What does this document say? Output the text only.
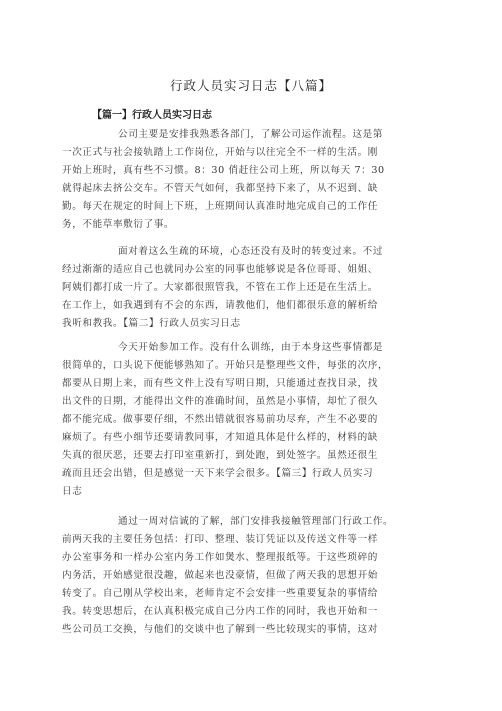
行政人员实习日志【八篇】
【篇一】行政人员实习日志
公司主要是安排我熟悉各部门，了解公司运作流程。这是第
一次正式与社会接轨踏上工作岗位，开始与以往完全不一样的生活。刚
开始上班时，真有些不习惯。8：30 俏赶往公司上班，所以每天 7：30
就得起床去挤公交车。不管天气如何，我都坚持下来了，从不迟到、缺
勤。每天在规定的时间上下班，上班期间认真准时地完成自己的工作任
务，不能草率敷衍了事。
面对着这么生疏的环境，心态还没有及时的转变过来。不过
经过渐渐的适应自己也就同办公室的同事也能够说是各位哥哥、姐姐、
阿姨们都打成一片了。大家都很照管我，不管在工作上还是在生活上。
在工作上，如我遇到有不会的东西，请教他们，他们都很乐意的解析给
我听和教我。【篇二】行政人员实习日志
今天开始参加工作。没有什么训练，由于本身这些事情都是
很简单的，口头说下便能够熟知了。开始只是整理些文件，每张的次序，
都要从日期上来，而有些文件上没有写明日期，只能通过查找目录，找
出文件的日期，才能得出文件的准确时间，虽然是小事情，却忙了很久
都不能完成。做事要仔细，不然出错就很容易前功尽弃，产生不必要的
麻烦了。有些小细节还要请教同事，才知道具体是什么样的，材料的缺
失真的很厌恶，还要去打印室重新打，到处跑，到处签字。虽然还很生
疏而且还会出错，但是感觉一天下来学会很多。【篇三】行政人员实习
日志
通过一周对信诚的了解，部门安排我接触管理部门行政工作。
前两天我的主要任务包括：打印、整理、装订凭证以及传送文件等一样
办公室事务和一样办公室内务工作如煲水、整理报纸等。于这些琐碎的
内务活，开始感觉很没趣，做起来也没豪情，但做了两天我的思想开始
转变了。自己刚从学校出来，老师肯定不会安排一些重要复杂的事情给
我。转变思想后，在认真积极完成自己分内工作的同时，我也开始和一
些公司员工交换，与他们的交谈中也了解到一些比较现实的事情，这对
